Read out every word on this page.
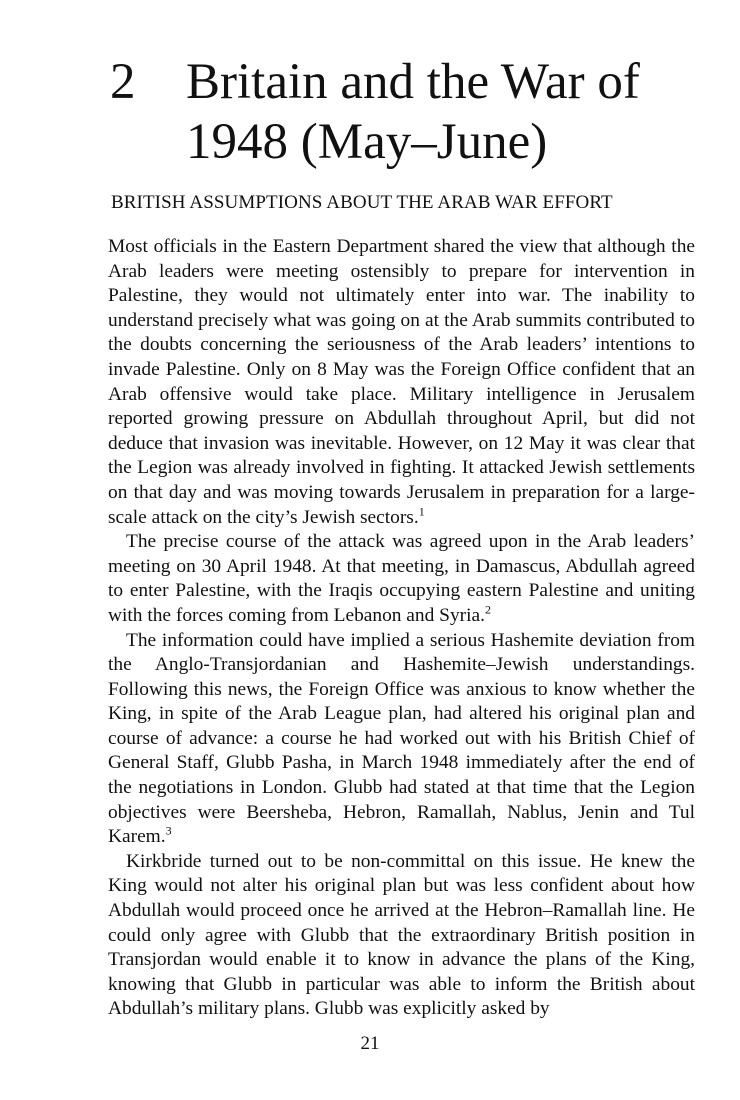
2 Britain and the War of
1948 (May–June)
BRITISH ASSUMPTIONS ABOUT THE ARAB WAR EFFORT

Most officials in the Eastern Department shared the view that although the Arab leaders were meeting ostensibly to prepare for intervention in Palestine, they would not ultimately enter into war. The inability to understand precisely what was going on at the Arab summits contributed to the doubts concerning the seriousness of the Arab leaders’ intentions to invade Palestine. Only on 8 May was the Foreign Office confident that an Arab offensive would take place. Military intelligence in Jerusalem reported growing pressure on Abdullah throughout April, but did not deduce that invasion was inevitable. However, on 12 May it was clear that the Legion was already involved in fighting. It attacked Jewish settlements on that day and was moving towards Jerusalem in preparation for a large-scale attack on the city’s Jewish sectors.$^1$

The precise course of the attack was agreed upon in the Arab leaders’ meeting on 30 April 1948. At that meeting, in Damascus, Abdullah agreed to enter Palestine, with the Iraqis occupying eastern Palestine and uniting with the forces coming from Lebanon and Syria.$^2$

The information could have implied a serious Hashemite deviation from the Anglo-Transjordanian and Hashemite–Jewish understandings. Following this news, the Foreign Office was anxious to know whether the King, in spite of the Arab League plan, had altered his original plan and course of advance: a course he had worked out with his British Chief of General Staff, Glubb Pasha, in March 1948 immediately after the end of the negotiations in London. Glubb had stated at that time that the Legion objectives were Beersheba, Hebron, Ramallah, Nablus, Jenin and Tul Karem.$^3$

Kirkbride turned out to be non-committal on this issue. He knew the King would not alter his original plan but was less confident about how Abdullah would proceed once he arrived at the Hebron–Ramallah line. He could only agree with Glubb that the extraordinary British position in Transjordan would enable it to know in advance the plans of the King, knowing that Glubb in particular was able to inform the British about Abdullah’s military plans. Glubb was explicitly asked by

21
